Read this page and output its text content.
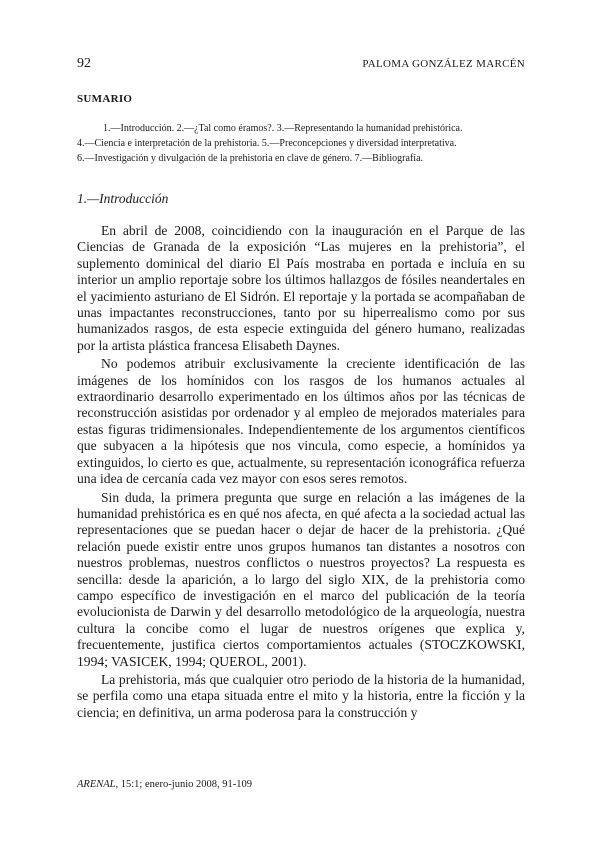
92	PALOMA GONZÁLEZ MARCÉN
SUMARIO
1.—Introducción. 2.—¿Tal como éramos?. 3.—Representando la humanidad prehistórica.
4.—Ciencia e interpretación de la prehistoria. 5.—Preconcepciones y diversidad interpretativa.
6.—Investigación y divulgación de la prehistoria en clave de género. 7.—Bibliografía.
1.—Introducción

En abril de 2008, coincidiendo con la inauguración en el Parque de las Ciencias de Granada de la exposición “Las mujeres en la prehistoria”, el suplemento dominical del diario El País mostraba en portada e incluía en su interior un amplio reportaje sobre los últimos hallazgos de fósiles neandertales en el yacimiento asturiano de El Sidrón. El reportaje y la portada se acompañaban de unas impactantes reconstrucciones, tanto por su hiperrealismo como por sus humanizados rasgos, de esta especie extinguida del género humano, realizadas por la artista plástica francesa Elisabeth Daynes.

No podemos atribuir exclusivamente la creciente identificación de las imágenes de los homínidos con los rasgos de los humanos actuales al extraordinario desarrollo experimentado en los últimos años por las técnicas de reconstrucción asistidas por ordenador y al empleo de mejorados materiales para estas figuras tridimensionales. Independientemente de los argumentos científicos que subyacen a la hipótesis que nos vincula, como especie, a homínidos ya extinguidos, lo cierto es que, actualmente, su representación iconográfica refuerza una idea de cercanía cada vez mayor con esos seres remotos.

Sin duda, la primera pregunta que surge en relación a las imágenes de la humanidad prehistórica es en qué nos afecta, en qué afecta a la sociedad actual las representaciones que se puedan hacer o dejar de hacer de la prehistoria. ¿Qué relación puede existir entre unos grupos humanos tan distantes a nosotros con nuestros problemas, nuestros conflictos o nuestros proyectos? La respuesta es sencilla: desde la aparición, a lo largo del siglo XIX, de la prehistoria como campo específico de investigación en el marco del publicación de la teoría evolucionista de Darwin y del desarrollo metodológico de la arqueología, nuestra cultura la concibe como el lugar de nuestros orígenes que explica y, frecuentemente, justifica ciertos comportamientos actuales (STOCZKOWSKI, 1994; VASICEK, 1994; QUEROL, 2001).

La prehistoria, más que cualquier otro periodo de la historia de la humanidad, se perfila como una etapa situada entre el mito y la historia, entre la ficción y la ciencia; en definitiva, un arma poderosa para la construcción y

ARENAL, 15:1; enero-junio 2008, 91-109
